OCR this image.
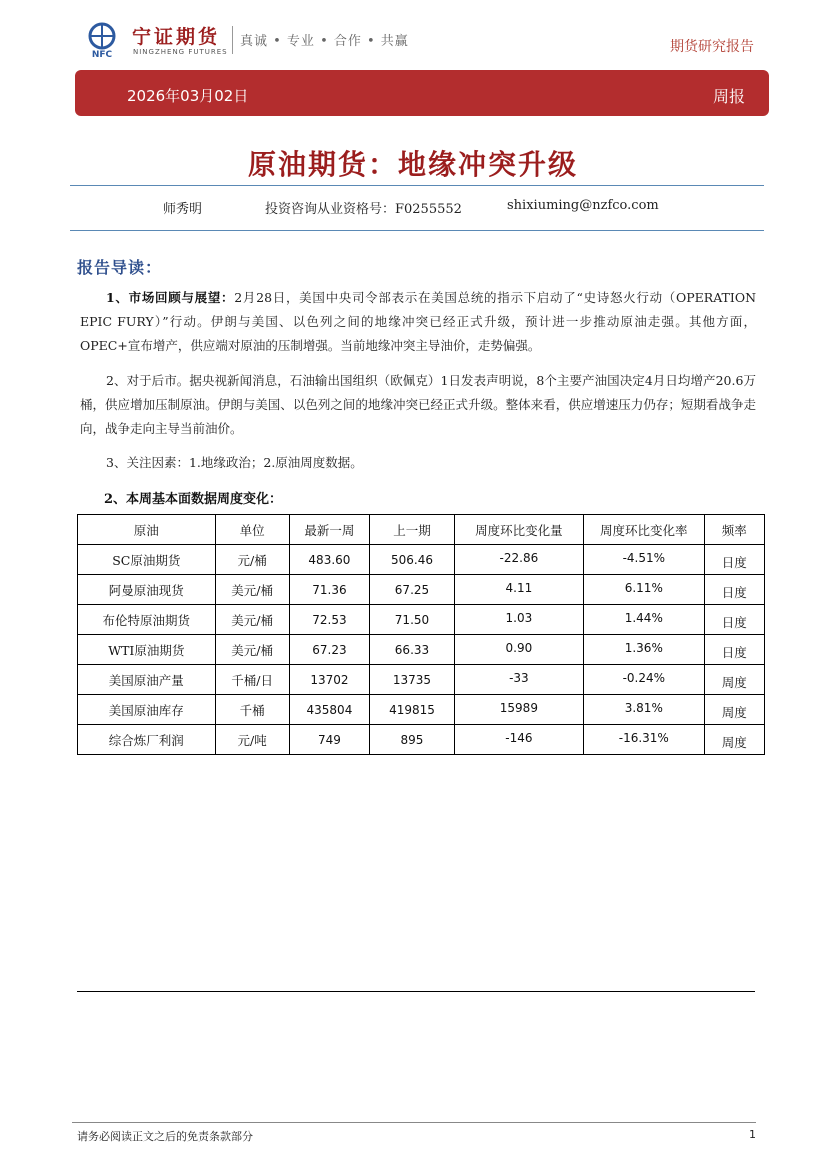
NFC
宁证期货
NINGZHENG FUTURES
真诚 • 专业 • 合作 • 共赢	期货研究报告
2026年03月02日	周报
原油期货：地缘冲突升级
师秀明	投资咨询从业资格号：F0255552	shixiuming@nzfco.com
报告导读：
1、市场回顾与展望：2月28日，美国中央司令部表示在美国总统的指示下启动了“史诗怒火行动（OPERATION EPIC FURY）”行动。伊朗与美国、以色列之间的地缘冲突已经正式升级，预计进一步推动原油走强。其他方面，OPEC+宣布增产，供应端对原油的压制增强。当前地缘冲突主导油价，走势偏强。
2、对于后市。据央视新闻消息，石油输出国组织（欧佩克）1日发表声明说，8个主要产油国决定4月日均增产20.6万桶，供应增加压制原油。伊朗与美国、以色列之间的地缘冲突已经正式升级。整体来看，供应增速压力仍存；短期看战争走向，战争走向主导当前油价。
3、关注因素：1.地缘政治；2.原油周度数据。
2、本周基本面数据周度变化：
原油	单位	最新一周	上一期	周度环比变化量	周度环比变化率	频率
SC原油期货	元/桶	483.60	506.46	-22.86	-4.51%	日度
阿曼原油现货	美元/桶	71.36	67.25	4.11	6.11%	日度
布伦特原油期货	美元/桶	72.53	71.50	1.03	1.44%	日度
WTI原油期货	美元/桶	67.23	66.33	0.90	1.36%	日度
美国原油产量	千桶/日	13702	13735	-33	-0.24%	周度
美国原油库存	千桶	435804	419815	15989	3.81%	周度
综合炼厂利润	元/吨	749	895	-146	-16.31%	周度
请务必阅读正文之后的免责条款部分	1
